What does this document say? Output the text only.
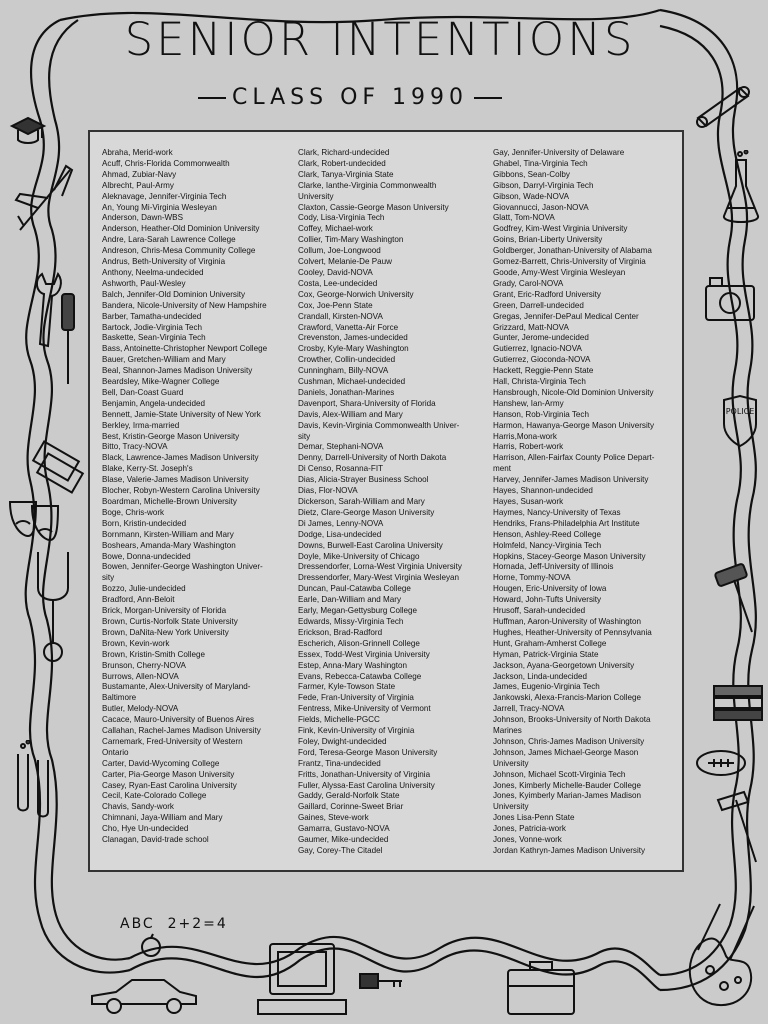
POLICE
SENIOR INTENTIONS
CLASS OF 1990
Abraha, Merid-work
Acuff, Chris-Florida Commonwealth
Ahmad, Zubiar-Navy
Albrecht, Paul-Army
Aleknavage, Jennifer-Virginia Tech
An, Young Mi-Virginia Wesleyan
Anderson, Dawn-WBS
Anderson, Heather-Old Dominion University
Andre, Lara-Sarah Lawrence College
Andreson, Chris-Mesa Community College
Andrus, Beth-University of Virginia
Anthony, Neelma-undecided
Ashworth, Paul-Wesley
Balch, Jennifer-Old Dominion University
Bandera, Nicole-University of New Hampshire
Barber, Tamatha-undecided
Bartock, Jodie-Virginia Tech
Baskette, Sean-Virginia Tech
Bass, Antoinette-Christopher Newport College
Bauer, Gretchen-William and Mary
Beal, Shannon-James Madison University
Beardsley, Mike-Wagner College
Bell, Dan-Coast Guard
Benjamin, Angela-undecided
Bennett, Jamie-State University of New York
Berkley, Irma-married
Best, Kristin-George Mason University
Bitto, Tracy-NOVA
Black, Lawrence-James Madison University
Blake, Kerry-St. Joseph's
Blase, Valerie-James Madison University
Blocher, Robyn-Western Carolina University
Boardman, Michelle-Brown University
Boge, Chris-work
Born, Kristin-undecided
Bornmann, Kirsten-William and Mary
Boshears, Amanda-Mary Washington
Bowe, Donna-undecided
Bowen, Jennifer-George Washington Univer-
sity
Bozzo, Julie-undecided
Bradford, Ann-Beloit
Brick, Morgan-University of Florida
Brown, Curtis-Norfolk State University
Brown, DaNita-New York University
Brown, Kevin-work
Brown, Kristin-Smith College
Brunson, Cherry-NOVA
Burrows, Allen-NOVA
Bustamante, Alex-University of Maryland-
Baltimore
Butler, Melody-NOVA
Cacace, Mauro-University of Buenos Aires
Callahan, Rachel-James Madison University
Carnemark, Fred-University of Western
Ontario
Carter, David-Wycoming College
Carter, Pia-George Mason University
Casey, Ryan-East Carolina University
Cecil, Kate-Colorado College
Chavis, Sandy-work
Chimnani, Jaya-William and Mary
Cho, Hye Un-undecided
Clanagan, David-trade school
Clark, Richard-undecided
Clark, Robert-undecided
Clark, Tanya-Virginia State
Clarke, Ianthe-Virginia Commonwealth
University
Claxton, Cassie-George Mason University
Cody, Lisa-Virginia Tech
Coffey, Michael-work
Collier, Tim-Mary Washington
Collum, Joe-Longwood
Colvert, Melanie-De Pauw
Cooley, David-NOVA
Costa, Lee-undecided
Cox, George-Norwich University
Cox, Joe-Penn State
Crandall, Kirsten-NOVA
Crawford, Vanetta-Air Force
Crevenston, James-undecided
Crosby, Kyle-Mary Washington
Crowther, Collin-undecided
Cunningham, Billy-NOVA
Cushman, Michael-undecided
Daniels, Jonathan-Marines
Davenport, Shara-University of Florida
Davis, Alex-William and Mary
Davis, Kevin-Virginia Commonwealth Univer-
sity
Demar, Stephani-NOVA
Denny, Darrell-University of North Dakota
Di Censo, Rosanna-FIT
Dias, Alicia-Strayer Business School
Dias, Flor-NOVA
Dickerson, Sarah-William and Mary
Dietz, Clare-George Mason University
Di James, Lenny-NOVA
Dodge, Lisa-undecided
Downs, Burwell-East Carolina University
Doyle, Mike-University of Chicago
Dressendorfer, Lorna-West Virginia University
Dressendorfer, Mary-West Virginia Wesleyan
Duncan, Paul-Catawba College
Earle, Dan-William and Mary
Early, Megan-Gettysburg College
Edwards, Missy-Virginia Tech
Erickson, Brad-Radford
Escherich, Alison-Grinnell College
Essex, Todd-West Virginia University
Estep, Anna-Mary Washington
Evans, Rebecca-Catawba College
Farmer, Kyle-Towson State
Fede, Fran-University of Virginia
Fentress, Mike-University of Vermont
Fields, Michelle-PGCC
Fink, Kevin-University of Virginia
Foley, Dwight-undecided
Ford, Teresa-George Mason University
Frantz, Tina-undecided
Fritts, Jonathan-University of Virginia
Fuller, Alyssa-East Carolina University
Gaddy, Gerald-Norfolk State
Gaillard, Corinne-Sweet Briar
Gaines, Steve-work
Gamarra, Gustavo-NOVA
Gaumer, Mike-undecided
Gay, Corey-The Citadel
Gay, Jennifer-University of Delaware
Ghabel, Tina-Virginia Tech
Gibbons, Sean-Colby
Gibson, Darryl-Virginia Tech
Gibson, Wade-NOVA
Giovannucci, Jason-NOVA
Glatt, Tom-NOVA
Godfrey, Kim-West Virginia University
Goins, Brian-Liberty University
Goldberger, Jonathan-University of Alabama
Gomez-Barrett, Chris-University of Virginia
Goode, Amy-West Virginia Wesleyan
Grady, Carol-NOVA
Grant, Eric-Radford University
Green, Darrell-undecided
Gregas, Jennifer-DePaul Medical Center
Grizzard, Matt-NOVA
Gunter, Jerome-undecided
Gutierrez, Ignacio-NOVA
Gutierrez, Gioconda-NOVA
Hackett, Reggie-Penn State
Hall, Christa-Virginia Tech
Hansbrough, Nicole-Old Dominion University
Hanshew, Ian-Army
Hanson, Rob-Virginia Tech
Harmon, Hawanya-George Mason University
Harris,Mona-work
Harris, Robert-work
Harrison, Allen-Fairfax County Police Depart-
ment
Harvey, Jennifer-James Madison University
Hayes, Shannon-undecided
Hayes, Susan-work
Haymes, Nancy-University of Texas
Hendriks, Frans-Philadelphia Art Institute
Henson, Ashley-Reed College
Holmfeld, Nancy-Virginia Tech
Hopkins, Stacey-George Mason University
Hornada, Jeff-University of Illinois
Horne, Tommy-NOVA
Hougen, Eric-University of Iowa
Howard, John-Tufts University
Hrusoff, Sarah-undecided
Huffman, Aaron-University of Washington
Hughes, Heather-University of Pennsylvania
Hunt, Graham-Amherst College
Hyman, Patrick-Virginia State
Jackson, Ayana-Georgetown University
Jackson, Linda-undecided
James, Eugenio-Virginia Tech
Jankowski, Alexa-Francis-Marion College
Jarrell, Tracy-NOVA
Johnson, Brooks-University of North Dakota
Marines
Johnson, Chris-James Madison University
Johnson, James Michael-George Mason
University
Johnson, Michael Scott-Virginia Tech
Jones, Kimberly Michelle-Bauder College
Jones, Kyimberly Marian-James Madison
University
Jones Lisa-Penn State
Jones, Patricia-work
Jones, Vonne-work
Jordan Kathryn-James Madison University
ABC  2+2=4
